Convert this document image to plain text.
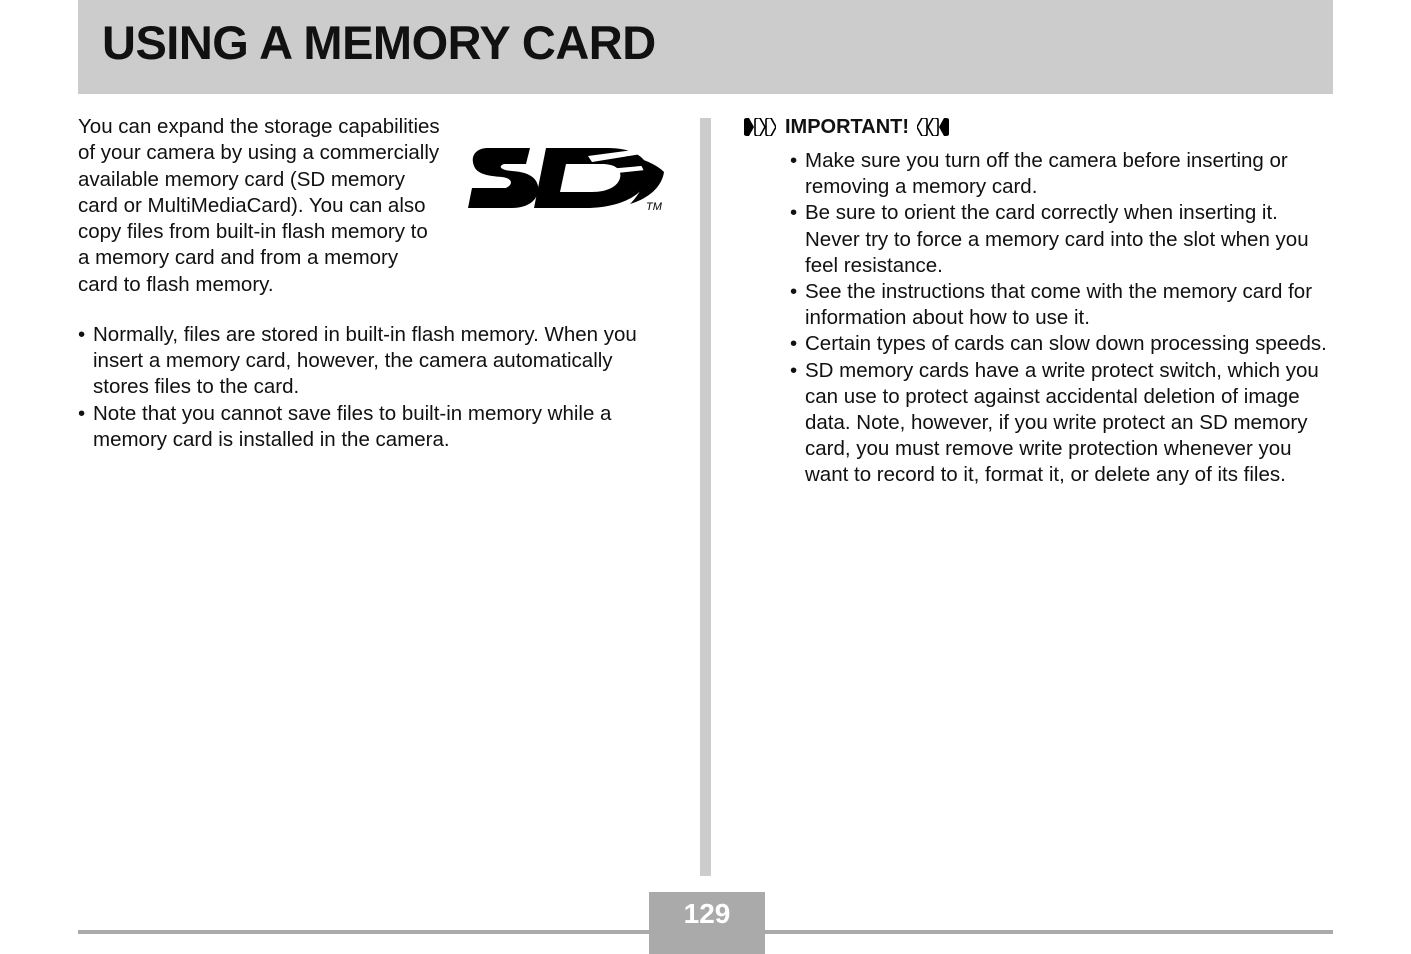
USING A MEMORY CARD

You can expand the storage capabilities of your camera by using a commercially available memory card (SD memory card or MultiMediaCard). You can also copy files from built-in flash memory to a memory card and from a memory card to flash memory.

TM
• Normally, files are stored in built-in flash memory. When you insert a memory card, however, the camera automatically stores files to the card.
• Note that you cannot save files to built-in memory while a memory card is installed in the camera.
IMPORTANT!
• Make sure you turn off the camera before inserting or removing a memory card.
• Be sure to orient the card correctly when inserting it. Never try to force a memory card into the slot when you feel resistance.
• See the instructions that come with the memory card for information about how to use it.
• Certain types of cards can slow down processing speeds.
• SD memory cards have a write protect switch, which you can use to protect against accidental deletion of image data. Note, however, if you write protect an SD memory card, you must remove write protection whenever you want to record to it, format it, or delete any of its files.
129
